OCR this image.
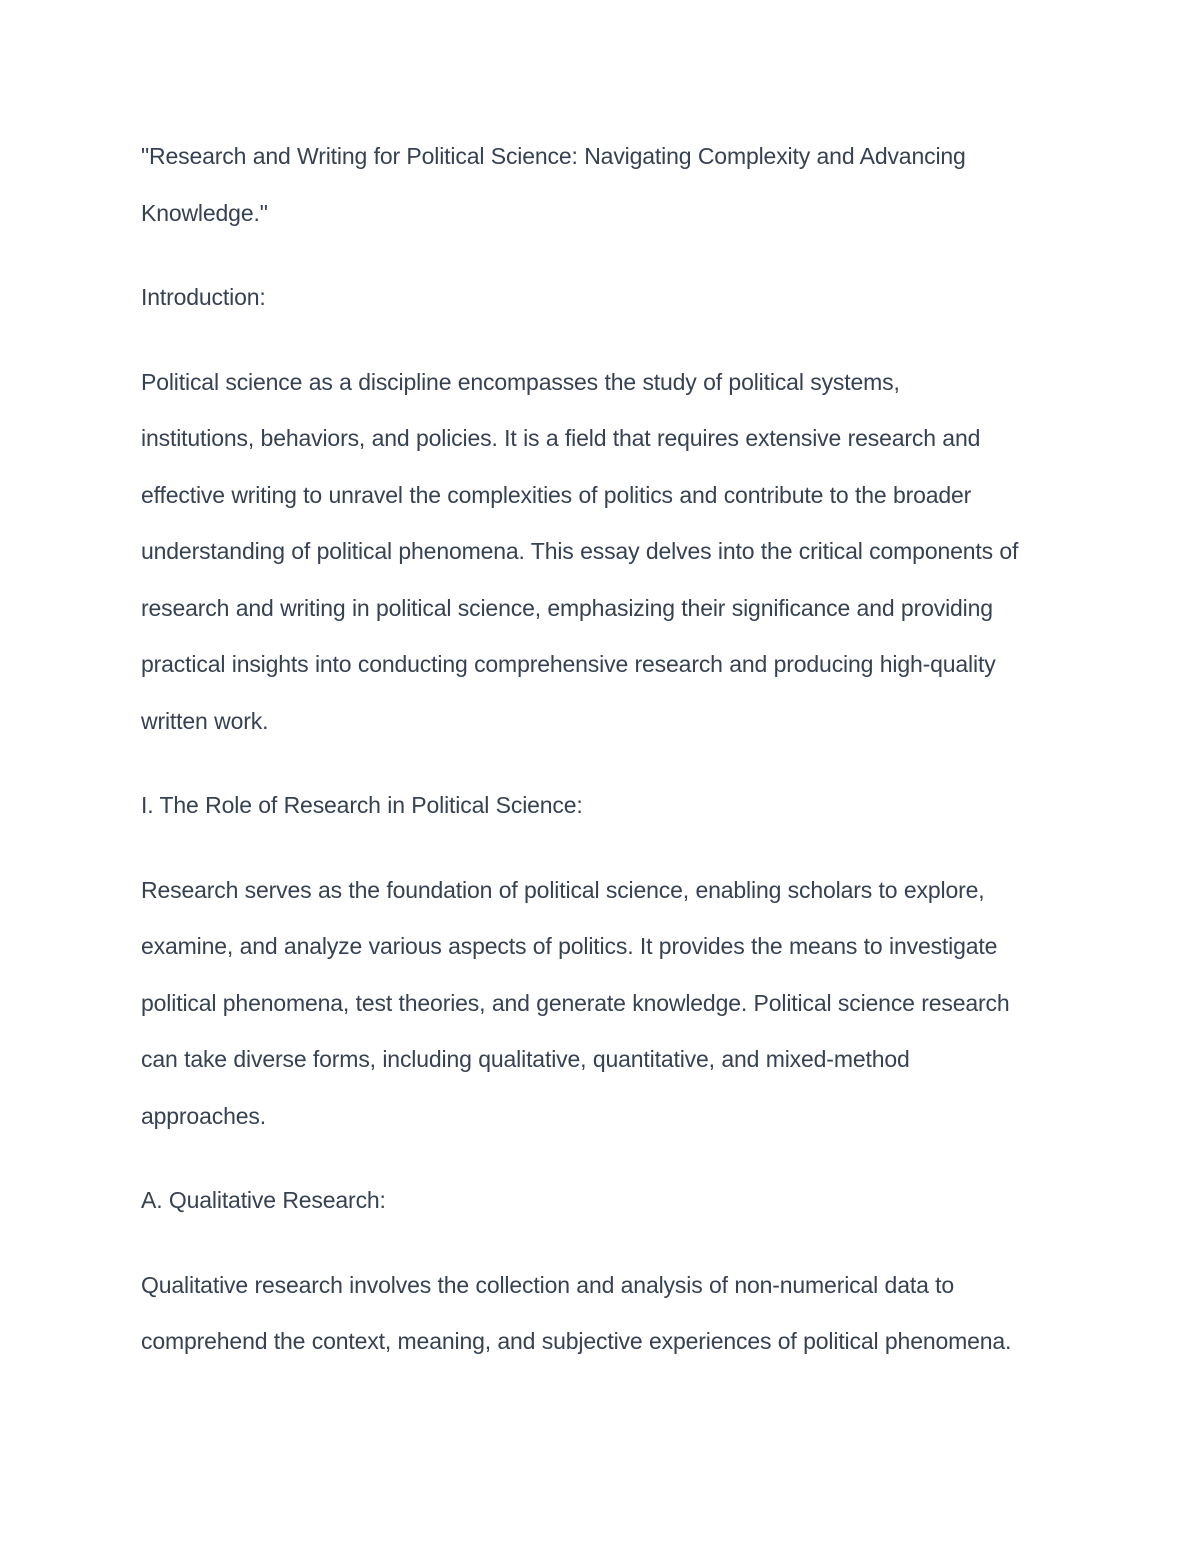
"Research and Writing for Political Science: Navigating Complexity and Advancing
Knowledge."
Introduction:
Political science as a discipline encompasses the study of political systems,
institutions, behaviors, and policies. It is a field that requires extensive research and
effective writing to unravel the complexities of politics and contribute to the broader
understanding of political phenomena. This essay delves into the critical components of
research and writing in political science, emphasizing their significance and providing
practical insights into conducting comprehensive research and producing high-quality
written work.
I. The Role of Research in Political Science:
Research serves as the foundation of political science, enabling scholars to explore,
examine, and analyze various aspects of politics. It provides the means to investigate
political phenomena, test theories, and generate knowledge. Political science research
can take diverse forms, including qualitative, quantitative, and mixed-method
approaches.
A. Qualitative Research:
Qualitative research involves the collection and analysis of non-numerical data to
comprehend the context, meaning, and subjective experiences of political phenomena.
